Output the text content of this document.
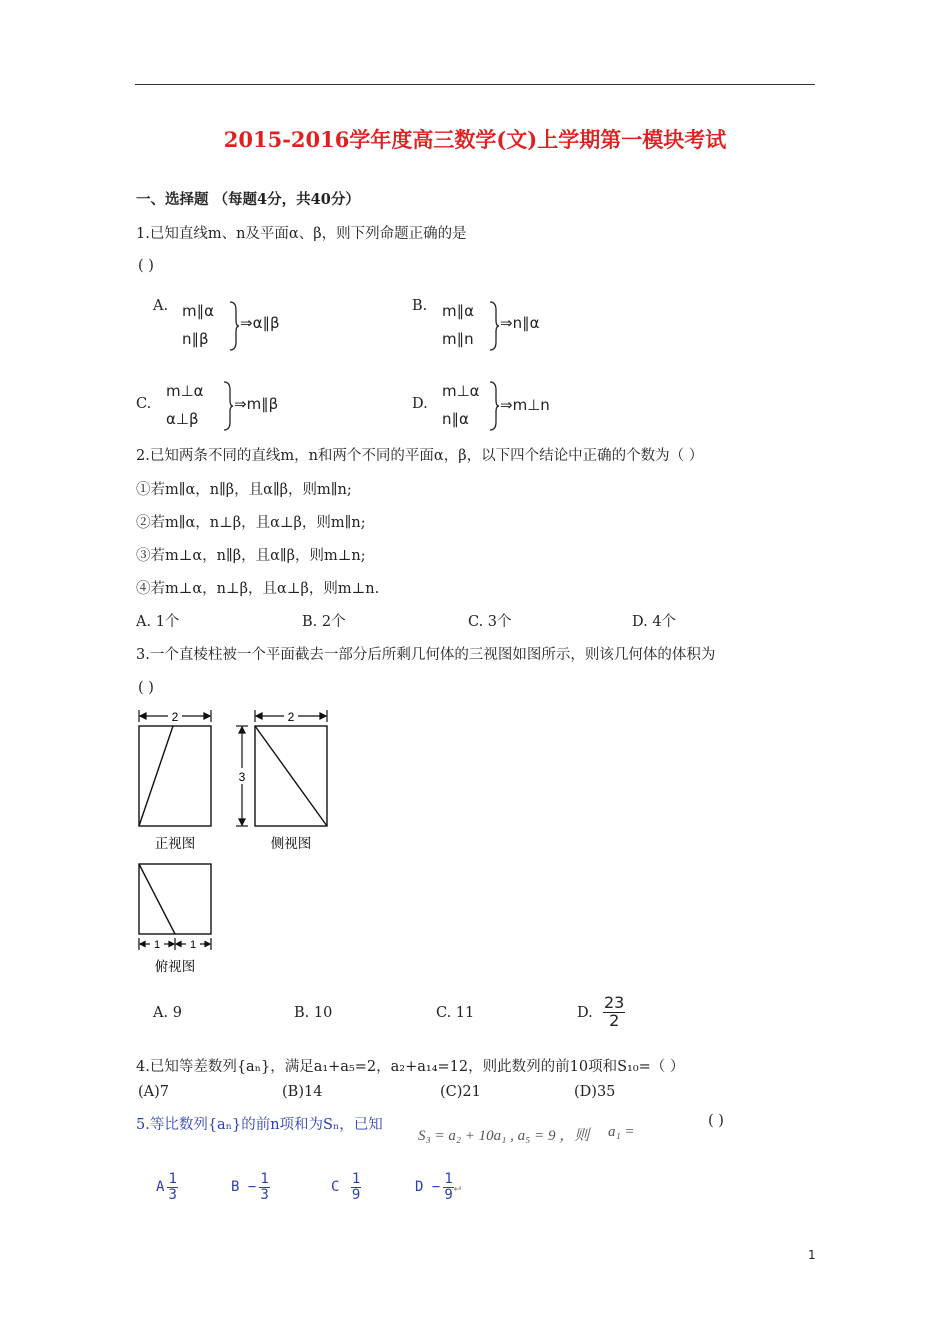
2015-2016学年度高三数学(文)上学期第一模块考试
一、选择题 （每题4分，共40分）
1.已知直线m、n及平面α、β，则下列命题正确的是
( )
A. m∥α
n∥β
⇒α∥β
B. m∥α
m∥n
⇒n∥α
C.
m⊥α
α⊥β
⇒m∥β	D.
m⊥α
n∥α
⇒m⊥n
2.已知两条不同的直线m，n和两个不同的平面α，β，以下四个结论中正确的个数为（ ）
①若m∥α，n∥β，且α∥β，则m∥n;
②若m∥α，n⊥β，且α⊥β，则m∥n;
③若m⊥α，n∥β，且α∥β，则m⊥n;
④若m⊥α，n⊥β，且α⊥β，则m⊥n.
A. 1个	B. 2个	C. 3个	D. 4个
3.一个直棱柱被一个平面截去一部分后所剩几何体的三视图如图所示，则该几何体的体积为
( )
2	2
3
正视图	侧视图
1	1
俯视图
A. 9	B. 10	C. 11	D. $\frac{23}{2}$
4.已知等差数列{aₙ}，满足a₁+a₅=2，a₂+a₁₄=12，则此数列的前10项和S₁₀=（ ）
(A)7	(B)14	(C)21	(D)35
5.等比数列{aₙ}的前n项和为Sₙ，已知
S₃ = a₂ + 10a₁ , a₅ = 9 ，则 a₁ =
( )
A $\frac{1}{3}$	$B - \frac{1}{3}$	C $\frac{1}{9}$	$D - \frac{1}{9}$ ↵
1
